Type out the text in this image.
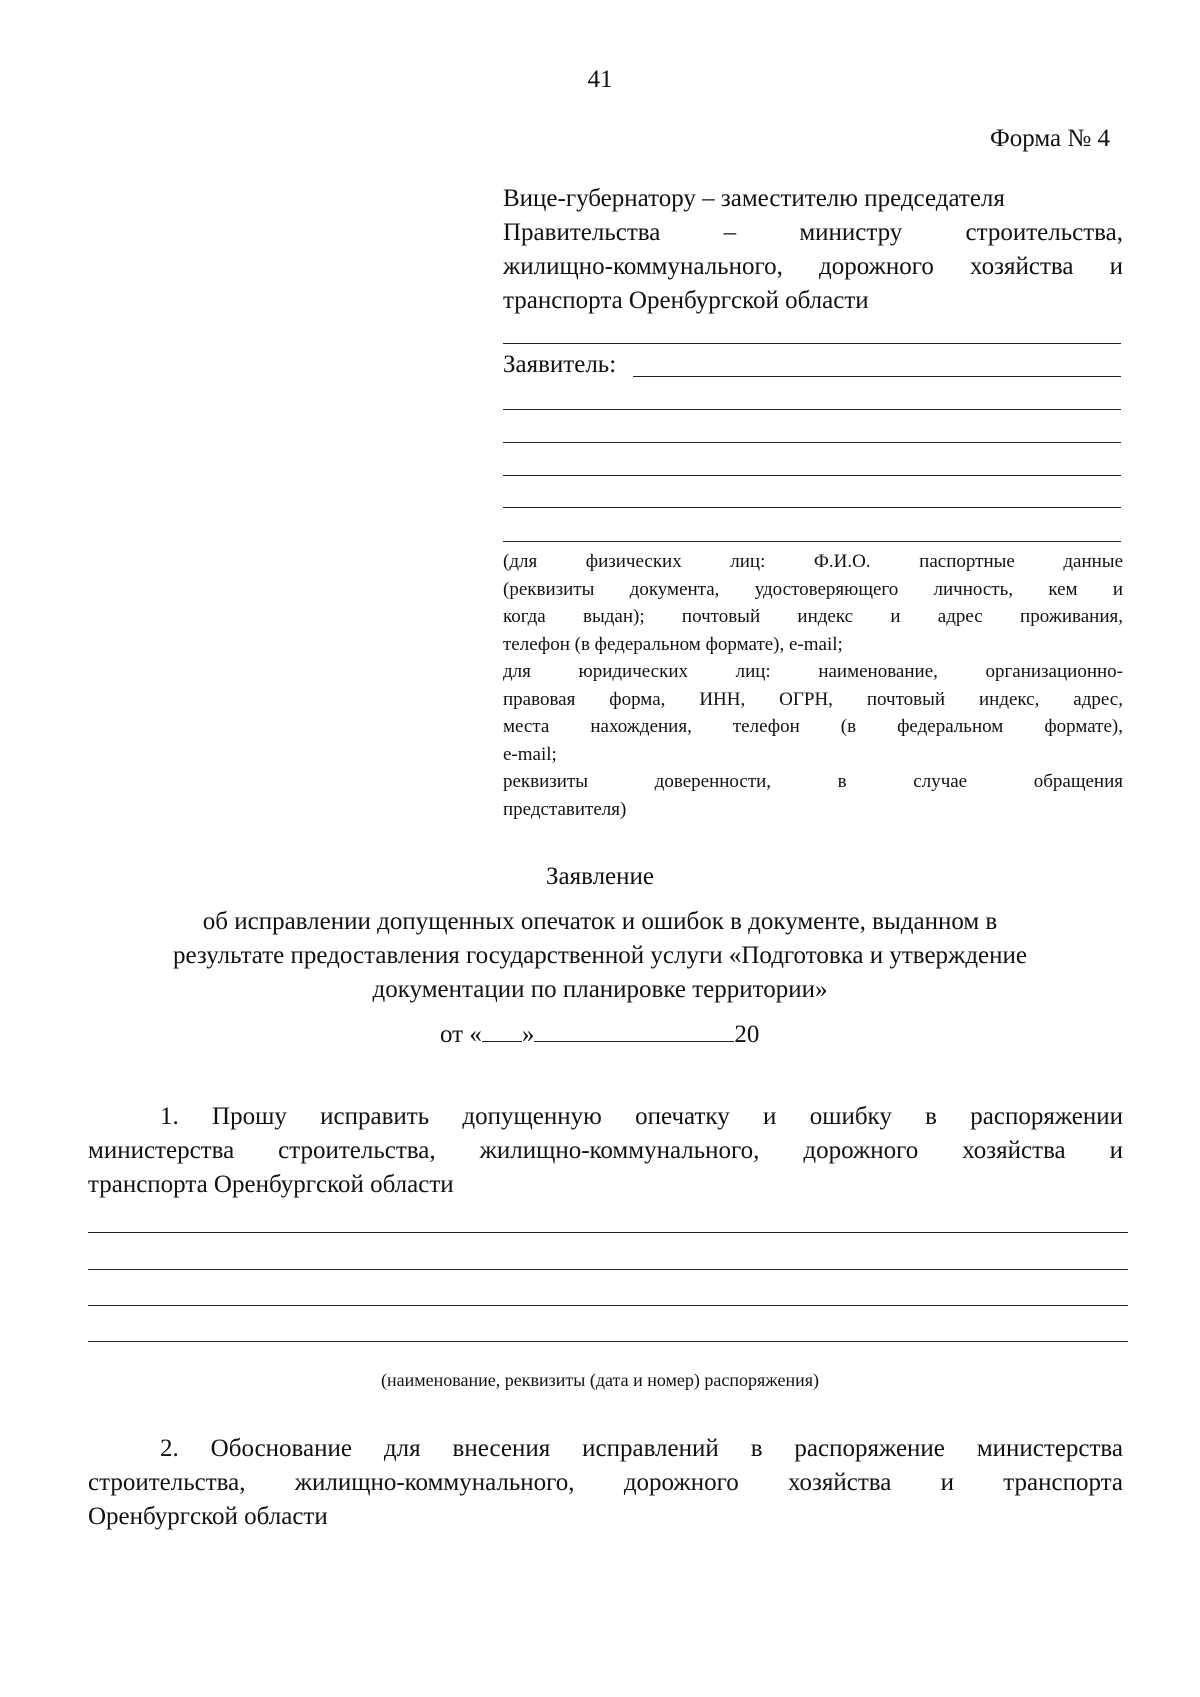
41
Форма № 4
Вице-губернатору – заместителю председателя
Правительства – министру строительства,
жилищно-коммунального, дорожного хозяйства и
транспорта Оренбургской области
Заявитель:
(для физических лиц: Ф.И.О. паспортные данные
(реквизиты документа, удостоверяющего личность, кем и
когда выдан); почтовый индекс и адрес проживания,
телефон (в федеральном формате), e-mail;
для юридических лиц: наименование, организационно-
правовая форма, ИНН, ОГРН, почтовый индекс, адрес,
места нахождения, телефон (в федеральном формате),
e-mail;
реквизиты доверенности, в случае обращения
представителя)
Заявление
об исправлении допущенных опечаток и ошибок в документе, выданном в
результате предоставления государственной услуги «Подготовка и утверждение
документации по планировке территории»
от « »	20
1. Прошу исправить допущенную опечатку и ошибку в распоряжении
министерства строительства, жилищно-коммунального, дорожного хозяйства и
транспорта Оренбургской области
(наименование, реквизиты (дата и номер) распоряжения)
2. Обоснование для внесения исправлений в распоряжение министерства
строительства, жилищно-коммунального, дорожного хозяйства и транспорта
Оренбургской области
